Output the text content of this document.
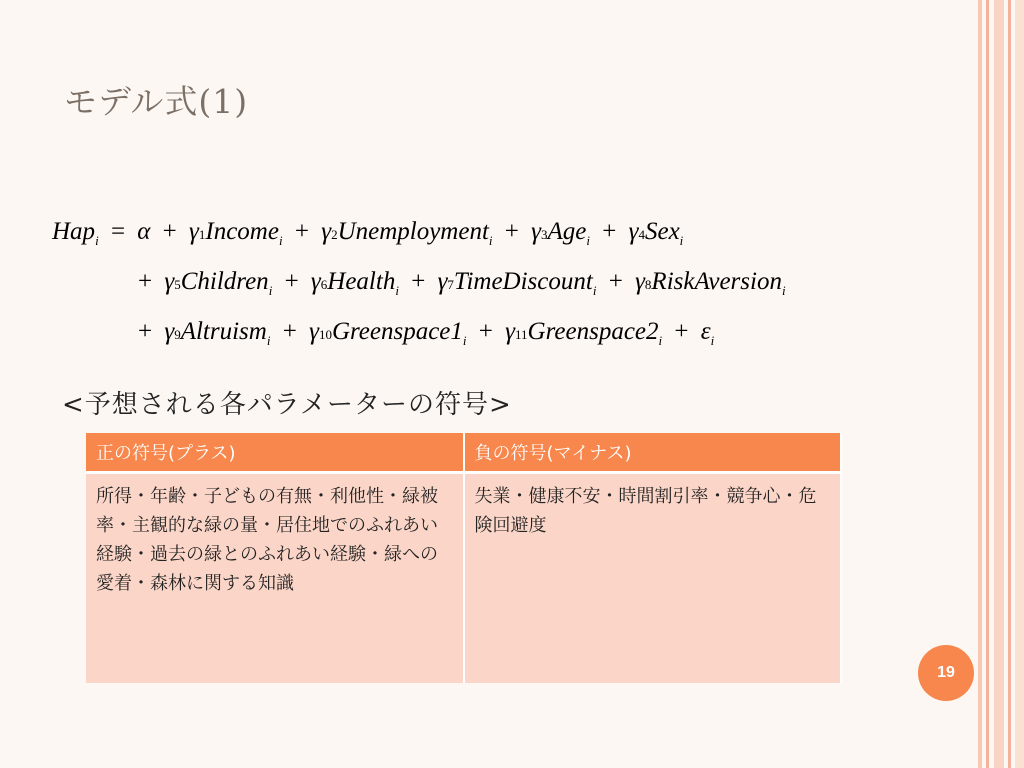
モデル式(1)
Hap$_i$ = α + γ1Income$_i$ + γ2Unemployment$_i$ + γ3Age$_i$ + γ4Sex$_i$
+ γ5Children$_i$ + γ6Health$_i$ + γ7TimeDiscount$_i$ + γ8RiskAversion$_i$
+ γ9Altruism$_i$ + $\gamma 10Greenspace1_i$ + $\gamma 11Greenspace2_i + \varepsilon_i$
<予想される各パラメーターの符号>
正の符号(プラス)	負の符号(マイナス)
所得・年齢・子どもの有無・利他性・緑被率・主観的な緑の量・居住地でのふれあい経験・過去の緑とのふれあい経験・緑への愛着・森林に関する知識	失業・健康不安・時間割引率・競争心・危険回避度
19
